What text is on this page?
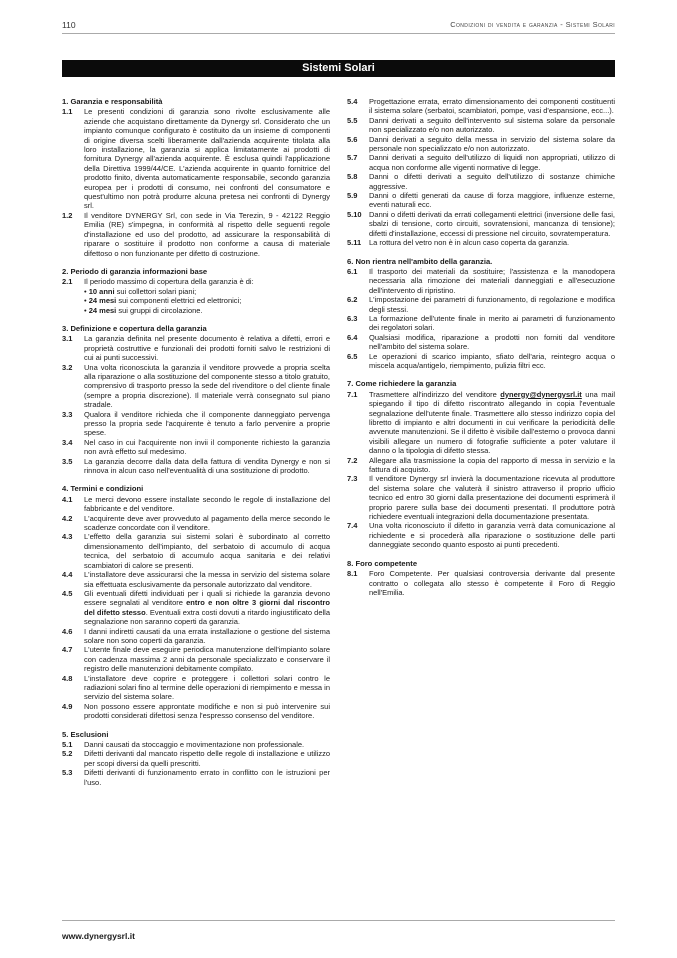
110	Condizioni di vendita e garanzia - Sistemi Solari
Sistemi Solari
1. Garanzia e responsabilità
1.1	Le presenti condizioni di garanzia sono rivolte esclusivamente alle aziende che acquistano direttamente da Dynergy srl. Considerato che un impianto comunque configurato è costituito da un insieme di componenti di origine diversa scelti liberamente dall'azienda acquirente titolata alla loro installazione, la garanzia si applica limitatamente ai prodotti di fornitura Dynergy all'azienda acquirente. È esclusa quindi l'applicazione della Direttiva 1999/44/CE. L'azienda acquirente in quanto fornitrice del prodotto finito, diventa automaticamente responsabile, secondo garanzia europea per i prodotti di consumo, nei confronti del consumatore e quest'ultimo non potrà produrre alcuna pretesa nei confronti di Dynergy srl.
1.2	Il venditore DYNERGY Srl, con sede in Via Terezin, 9 - 42122 Reggio Emilia (RE) s'impegna, in conformità al rispetto delle seguenti regole d'installazione ed uso del prodotto, ad assicurare la responsabilità di riparare o sostituire il prodotto non conforme a causa di materiale difettoso o non funzionante per difetto di costruzione.
2. Periodo di garanzia informazioni base
2.1	Il periodo massimo di copertura della garanzia è di:
• 10 anni sui collettori solari piani;
• 24 mesi sui componenti elettrici ed elettronici;
• 24 mesi sui gruppi di circolazione.
3. Definizione e copertura della garanzia
3.1	La garanzia definita nel presente documento è relativa a difetti, errori e proprietà costruttive e funzionali dei prodotti forniti salvo le restrizioni di cui ai punti successivi.
3.2	Una volta riconosciuta la garanzia il venditore provvede a propria scelta alla riparazione o alla sostituzione del componente stesso a titolo gratuito, comprensivo di trasporto presso la sede del rivenditore o del cliente finale (sempre a propria discrezione). Il materiale verrà consegnato sul piano stradale.
3.3	Qualora il venditore richieda che il componente danneggiato pervenga presso la propria sede l'acquirente è tenuto a farlo pervenire a proprie spese.
3.4	Nel caso in cui l'acquirente non invii il componente richiesto la garanzia non avrà effetto sul medesimo.
3.5	La garanzia decorre dalla data della fattura di vendita Dynergy e non si rinnova in alcun caso nell'eventualità di una sostituzione di prodotto.
4. Termini e condizioni
4.1	Le merci devono essere installate secondo le regole di installazione del fabbricante e del venditore.
4.2	L'acquirente deve aver provveduto al pagamento della merce secondo le scadenze concordate con il venditore.
4.3	L'effetto della garanzia sui sistemi solari è subordinato al corretto dimensionamento dell'impianto, del serbatoio di accumulo di acqua tecnica, del serbatoio di accumulo acqua sanitaria e dei relativi scambiatori di calore se presenti.
4.4	L'installatore deve assicurarsi che la messa in servizio del sistema solare sia effettuata esclusivamente da personale autorizzato dal venditore.
4.5	Gli eventuali difetti individuati per i quali si richiede la garanzia devono essere segnalati al venditore entro e non oltre 3 giorni dal riscontro del difetto stesso. Eventuali extra costi dovuti a ritardo ingiustificato della segnalazione non saranno coperti da garanzia.
4.6	I danni indiretti causati da una errata installazione o gestione del sistema solare non sono coperti da garanzia.
4.7	L'utente finale deve eseguire periodica manutenzione dell'impianto solare con cadenza massima 2 anni da personale specializzato e conservare il registro delle manutenzioni debitamente compilato.
4.8	L'installatore deve coprire e proteggere i collettori solari contro le radiazioni solari fino al termine delle operazioni di riempimento e messa in servizio del sistema solare.
4.9	Non possono essere approntate modifiche e non si può intervenire sui prodotti considerati difettosi senza l'espresso consenso del venditore.
5. Esclusioni
5.1	Danni causati da stoccaggio e movimentazione non professionale.
5.2	Difetti derivanti dal mancato rispetto delle regole di installazione e utilizzo per scopi diversi da quelli prescritti.
5.3	Difetti derivanti di funzionamento errato in conflitto con le istruzioni per l'uso.
5.4	Progettazione errata, errato dimensionamento dei componenti costituenti il sistema solare (serbatoi, scambiatori, pompe, vasi d'espansione, ecc...).
5.5	Danni derivati a seguito dell'intervento sul sistema solare da personale non specializzato e/o non autorizzato.
5.6	Danni derivati a seguito della messa in servizio del sistema solare da personale non specializzato e/o non autorizzato.
5.7	Danni derivati a seguito dell'utilizzo di liquidi non appropriati, utilizzo di acqua non conforme alle vigenti normative di legge.
5.8	Danni o difetti derivati a seguito dell'utilizzo di sostanze chimiche aggressive.
5.9	Danni o difetti generati da cause di forza maggiore, influenze esterne, eventi naturali ecc.
5.10 Danni o difetti derivati da errati collegamenti elettrici (inversione delle fasi, sbalzi di tensione, corto circuiti, sovratensioni, mancanza di tensione); difetti d'installazione, eccessi di pressione nel circuito, sovratemperatura.
5.11	La rottura del vetro non è in alcun caso coperta da garanzia.
6. Non rientra nell'ambito della garanzia.
6.1	Il trasporto dei materiali da sostituire; l'assistenza e la manodopera necessaria alla rimozione dei materiali danneggiati e all'esecuzione dell'intervento di ripristino.
6.2	L'impostazione dei parametri di funzionamento, di regolazione e modifica degli stessi.
6.3	La formazione dell'utente finale in merito ai parametri di funzionamento dei regolatori solari.
6.4	Qualsiasi modifica, riparazione a prodotti non forniti dal venditore nell'ambito del sistema solare.
6.5	Le operazioni di scarico impianto, sfiato dell'aria, reintegro acqua o miscela acqua/antigelo, riempimento, pulizia filtri ecc.
7. Come richiedere la garanzia
7.1	Trasmettere all'indirizzo del venditore dynergy@dynergysrl.it una mail spiegando il tipo di difetto riscontrato allegando in copia l'eventuale segnalazione dell'utente finale. Trasmettere allo stesso indirizzo copia del libretto di impianto e altri documenti in cui verificare la periodicità delle avvenute manutenzioni. Se il difetto è visibile dall'esterno o provoca danni visibili allegare un numero di fotografie sufficiente a poter valutare il danno o la tipologia di difetto stessa.
7.2	Allegare alla trasmissione la copia del rapporto di messa in servizio e la fattura di acquisto.
7.3	Il venditore Dynergy srl invierà la documentazione ricevuta al produttore del sistema solare che valuterà il sinistro attraverso il proprio ufficio tecnico ed entro 30 giorni dalla presentazione dei documenti esprimerà il proprio parere sulla base dei documenti presentati. Il produttore potrà richiedere eventuali integrazioni della documentazione presentata.
7.4	Una volta riconosciuto il difetto in garanzia verrà data comunicazione al richiedente e si procederà alla riparazione o sostituzione delle parti danneggiate secondo quanto esposto ai punti precedenti.
8. Foro competente
8.1	Foro Competente. Per qualsiasi controversia derivante dal presente contratto o collegata allo stesso è competente il Foro di Reggio nell'Emilia.
www.dynergysrl.it
